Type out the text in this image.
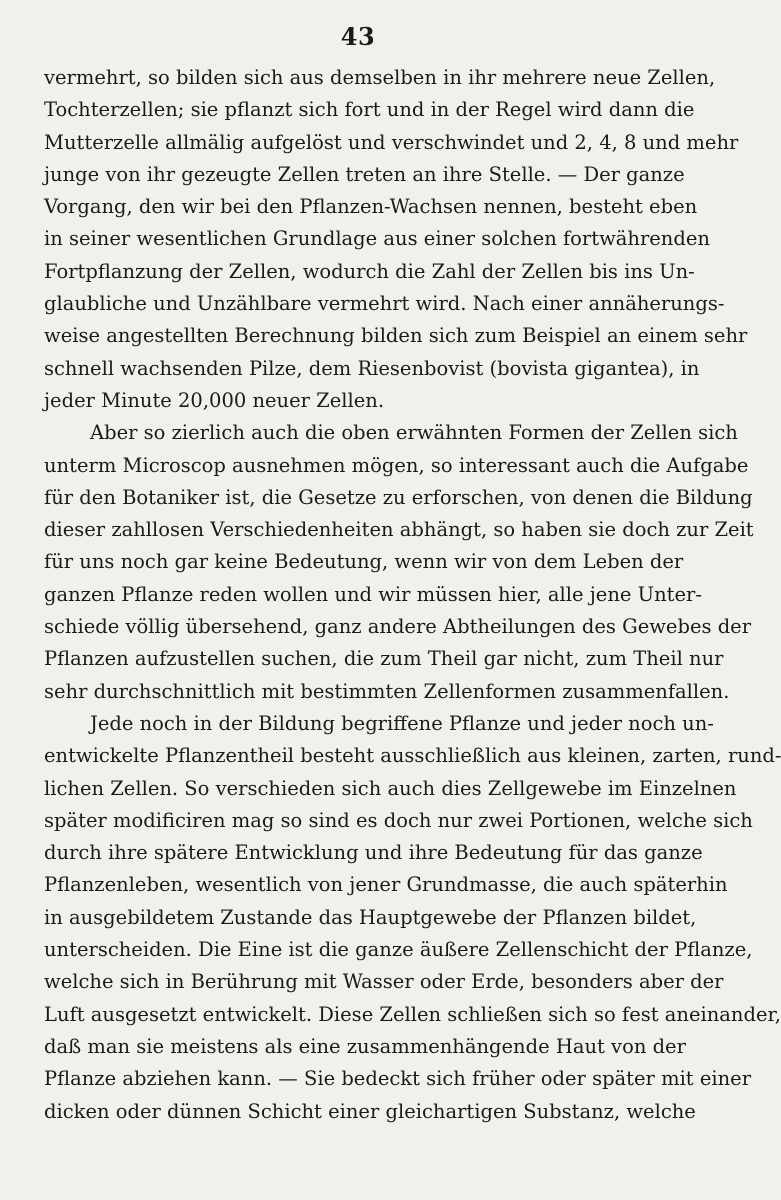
43
vermehrt, so bilden sich aus demselben in ihr mehrere neue Zellen,
Tochterzellen; sie pflanzt sich fort und in der Regel wird dann die
Mutterzelle allmälig aufgelöst und verschwindet und 2, 4, 8 und mehr
junge von ihr gezeugte Zellen treten an ihre Stelle. — Der ganze
Vorgang, den wir bei den Pflanzen-Wachsen nennen, besteht eben
in seiner wesentlichen Grundlage aus einer solchen fortwährenden
Fortpflanzung der Zellen, wodurch die Zahl der Zellen bis ins Un-
glaubliche und Unzählbare vermehrt wird. Nach einer annäherungs-
weise angestellten Berechnung bilden sich zum Beispiel an einem sehr
schnell wachsenden Pilze, dem Riesenbovist (bovista gigantea), in
jeder Minute 20,000 neuer Zellen.
Aber so zierlich auch die oben erwähnten Formen der Zellen sich
unterm Microscop ausnehmen mögen, so interessant auch die Aufgabe
für den Botaniker ist, die Gesetze zu erforschen, von denen die Bildung
dieser zahllosen Verschiedenheiten abhängt, so haben sie doch zur Zeit
für uns noch gar keine Bedeutung, wenn wir von dem Leben der
ganzen Pflanze reden wollen und wir müssen hier, alle jene Unter-
schiede völlig übersehend, ganz andere Abtheilungen des Gewebes der
Pflanzen aufzustellen suchen, die zum Theil gar nicht, zum Theil nur
sehr durchschnittlich mit bestimmten Zellenformen zusammenfallen.
Jede noch in der Bildung begriffene Pflanze und jeder noch un-
entwickelte Pflanzentheil besteht ausschließlich aus kleinen, zarten, rund-
lichen Zellen. So verschieden sich auch dies Zellgewebe im Einzelnen
später modificiren mag so sind es doch nur zwei Portionen, welche sich
durch ihre spätere Entwicklung und ihre Bedeutung für das ganze
Pflanzenleben, wesentlich von jener Grundmasse, die auch späterhin
in ausgebildetem Zustande das Hauptgewebe der Pflanzen bildet,
unterscheiden. Die Eine ist die ganze äußere Zellenschicht der Pflanze,
welche sich in Berührung mit Wasser oder Erde, besonders aber der
Luft ausgesetzt entwickelt. Diese Zellen schließen sich so fest aneinander,
daß man sie meistens als eine zusammenhängende Haut von der
Pflanze abziehen kann. — Sie bedeckt sich früher oder später mit einer
dicken oder dünnen Schicht einer gleichartigen Substanz, welche
